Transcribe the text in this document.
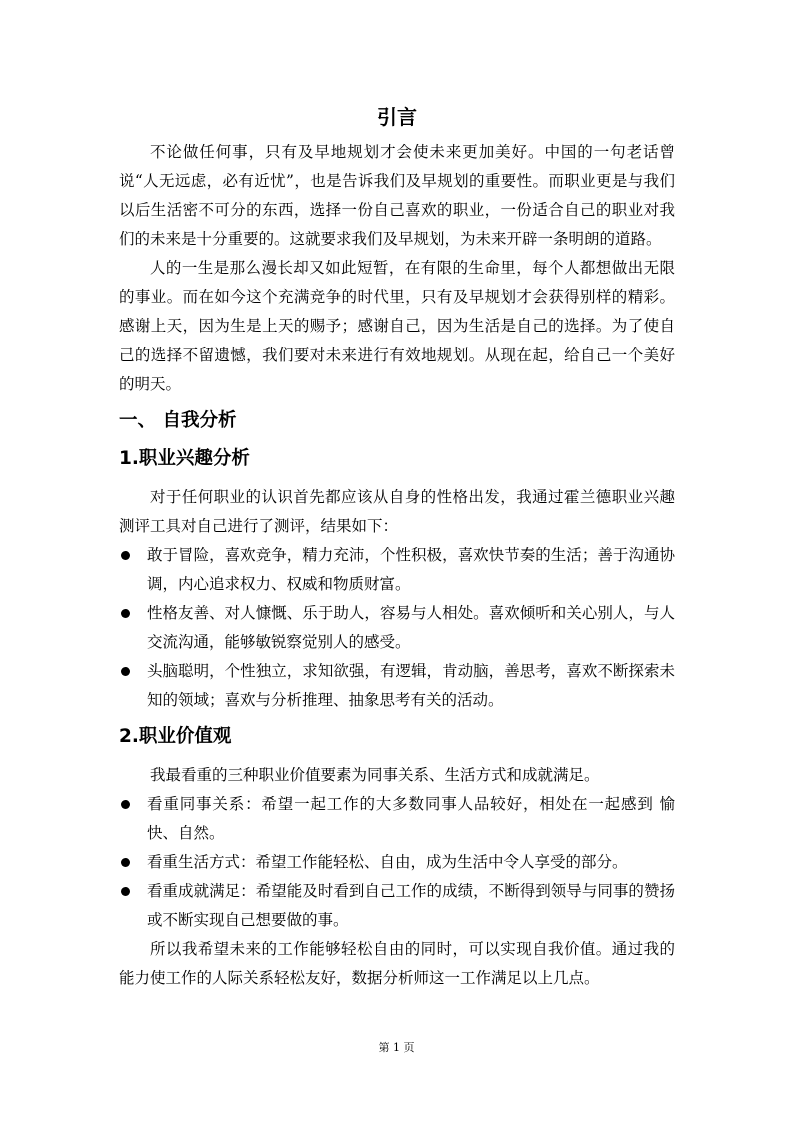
引言

不论做任何事，只有及早地规划才会使未来更加美好。中国的一句老话曾说“人无远虑，必有近忧”，也是告诉我们及早规划的重要性。而职业更是与我们以后生活密不可分的东西，选择一份自己喜欢的职业，一份适合自己的职业对我们的未来是十分重要的。这就要求我们及早规划，为未来开辟一条明朗的道路。

人的一生是那么漫长却又如此短暂，在有限的生命里，每个人都想做出无限的事业。而在如今这个充满竞争的时代里，只有及早规划才会获得别样的精彩。感谢上天，因为生是上天的赐予；感谢自己，因为生活是自己的选择。为了使自己的选择不留遗憾，我们要对未来进行有效地规划。从现在起，给自己一个美好的明天。

一、 自我分析
1.职业兴趣分析

对于任何职业的认识首先都应该从自身的性格出发，我通过霍兰德职业兴趣测评工具对自己进行了测评，结果如下：

敢于冒险，喜欢竞争，精力充沛，个性积极，喜欢快节奏的生活；善于沟通协调，内心追求权力、权威和物质财富。
性格友善、对人慷慨、乐于助人，容易与人相处。喜欢倾听和关心别人，与人交流沟通，能够敏锐察觉别人的感受。
头脑聪明，个性独立，求知欲强，有逻辑，肯动脑，善思考，喜欢不断探索未知的领域；喜欢与分析推理、抽象思考有关的活动。
2.职业价值观

我最看重的三种职业价值要素为同事关系、生活方式和成就满足。

看重同事关系：希望一起工作的大多数同事人品较好，相处在一起感到 愉快、自然。
看重生活方式：希望工作能轻松、自由，成为生活中令人享受的部分。
看重成就满足：希望能及时看到自己工作的成绩，不断得到领导与同事的赞扬或不断实现自己想要做的事。

所以我希望未来的工作能够轻松自由的同时，可以实现自我价值。通过我的能力使工作的人际关系轻松友好，数据分析师这一工作满足以上几点。

第 1 页
